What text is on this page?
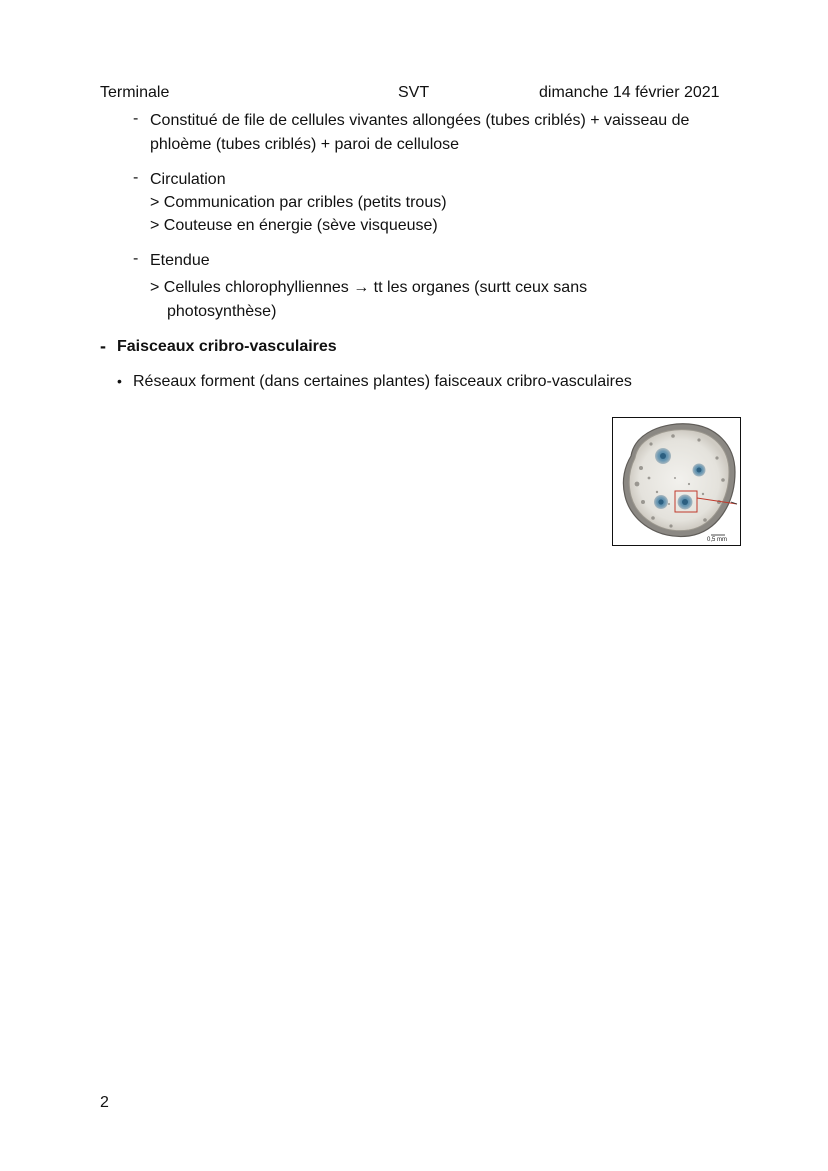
Terminale	SVT	dimanche 14 février 2021
- Constitué de file de cellules vivantes allongées (tubes criblés) + vaisseau de
phloème (tubes criblés) + paroi de cellulose
- Circulation
> Communication par cribles (petits trous)
> Couteuse en énergie (sève visqueuse)
- Etendue
> Cellules chlorophylliennes → tt les organes (surtt ceux sans
photosynthèse)
- Faisceaux cribro-vasculaires
• Réseaux forment (dans certaines plantes) faisceaux cribro-vasculaires
0,5 mm
2
